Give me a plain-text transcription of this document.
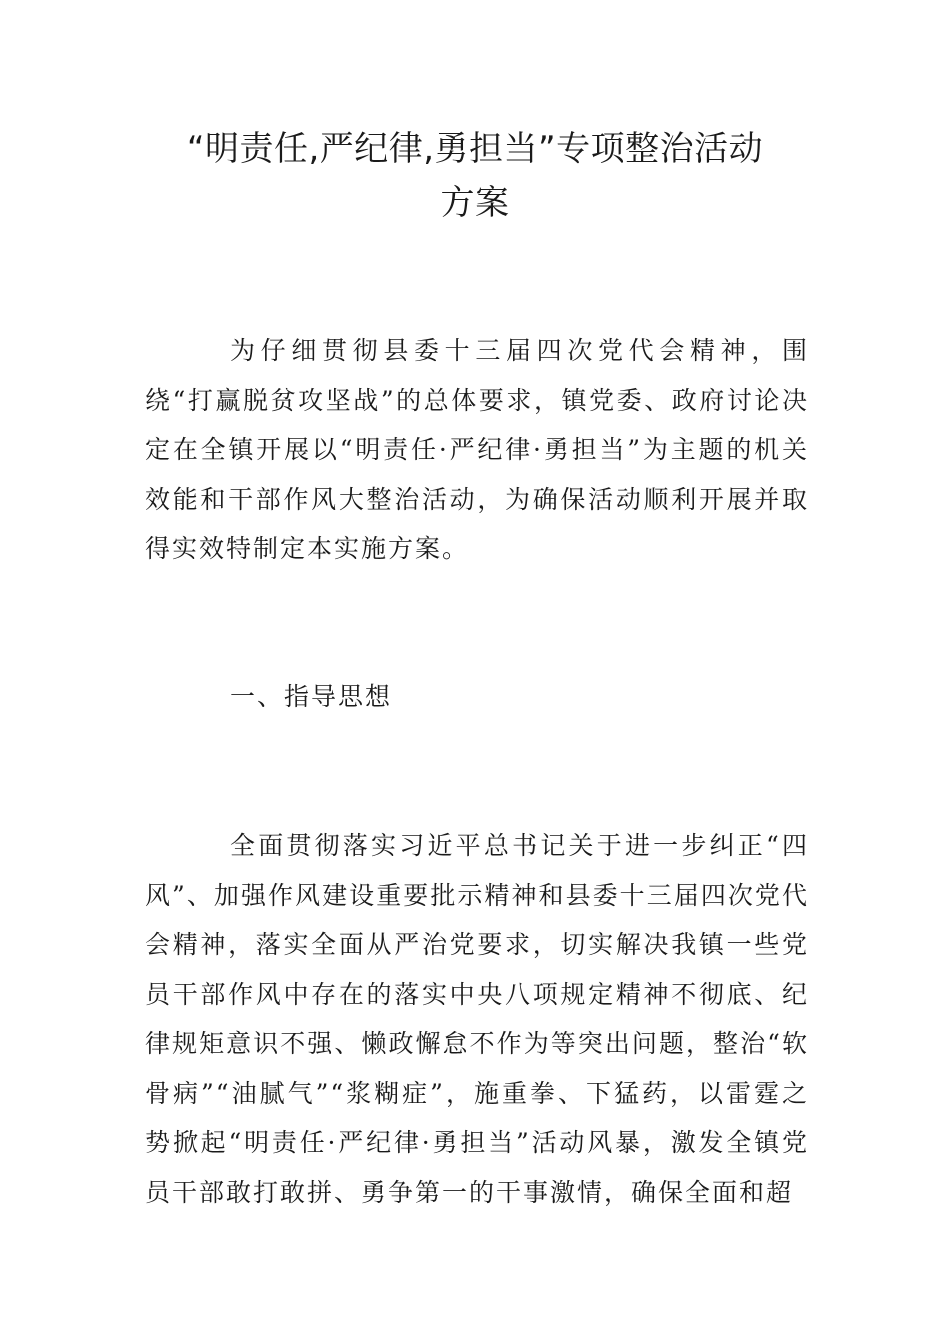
“明责任,严纪律,勇担当”专项整治活动
方案

为仔细贯彻县委十三届四次党代会精神，围绕“打赢脱贫攻坚战”的总体要求，镇党委、政府讨论决定在全镇开展以“明责任·严纪律·勇担当”为主题的机关效能和干部作风大整治活动，为确保活动顺利开展并取得实效特制定本实施方案。

一、指导思想

全面贯彻落实习近平总书记关于进一步纠正“四风”、加强作风建设重要批示精神和县委十三届四次党代会精神，落实全面从严治党要求，切实解决我镇一些党员干部作风中存在的落实中央八项规定精神不彻底、纪律规矩意识不强、懒政懈怠不作为等突出问题，整治“软骨病”“油腻气”“浆糊症”，施重拳、下猛药，以雷霆之势掀起“明责任·严纪律·勇担当”活动风暴，激发全镇党员干部敢打敢拼、勇争第一的干事激情，确保全面和超
